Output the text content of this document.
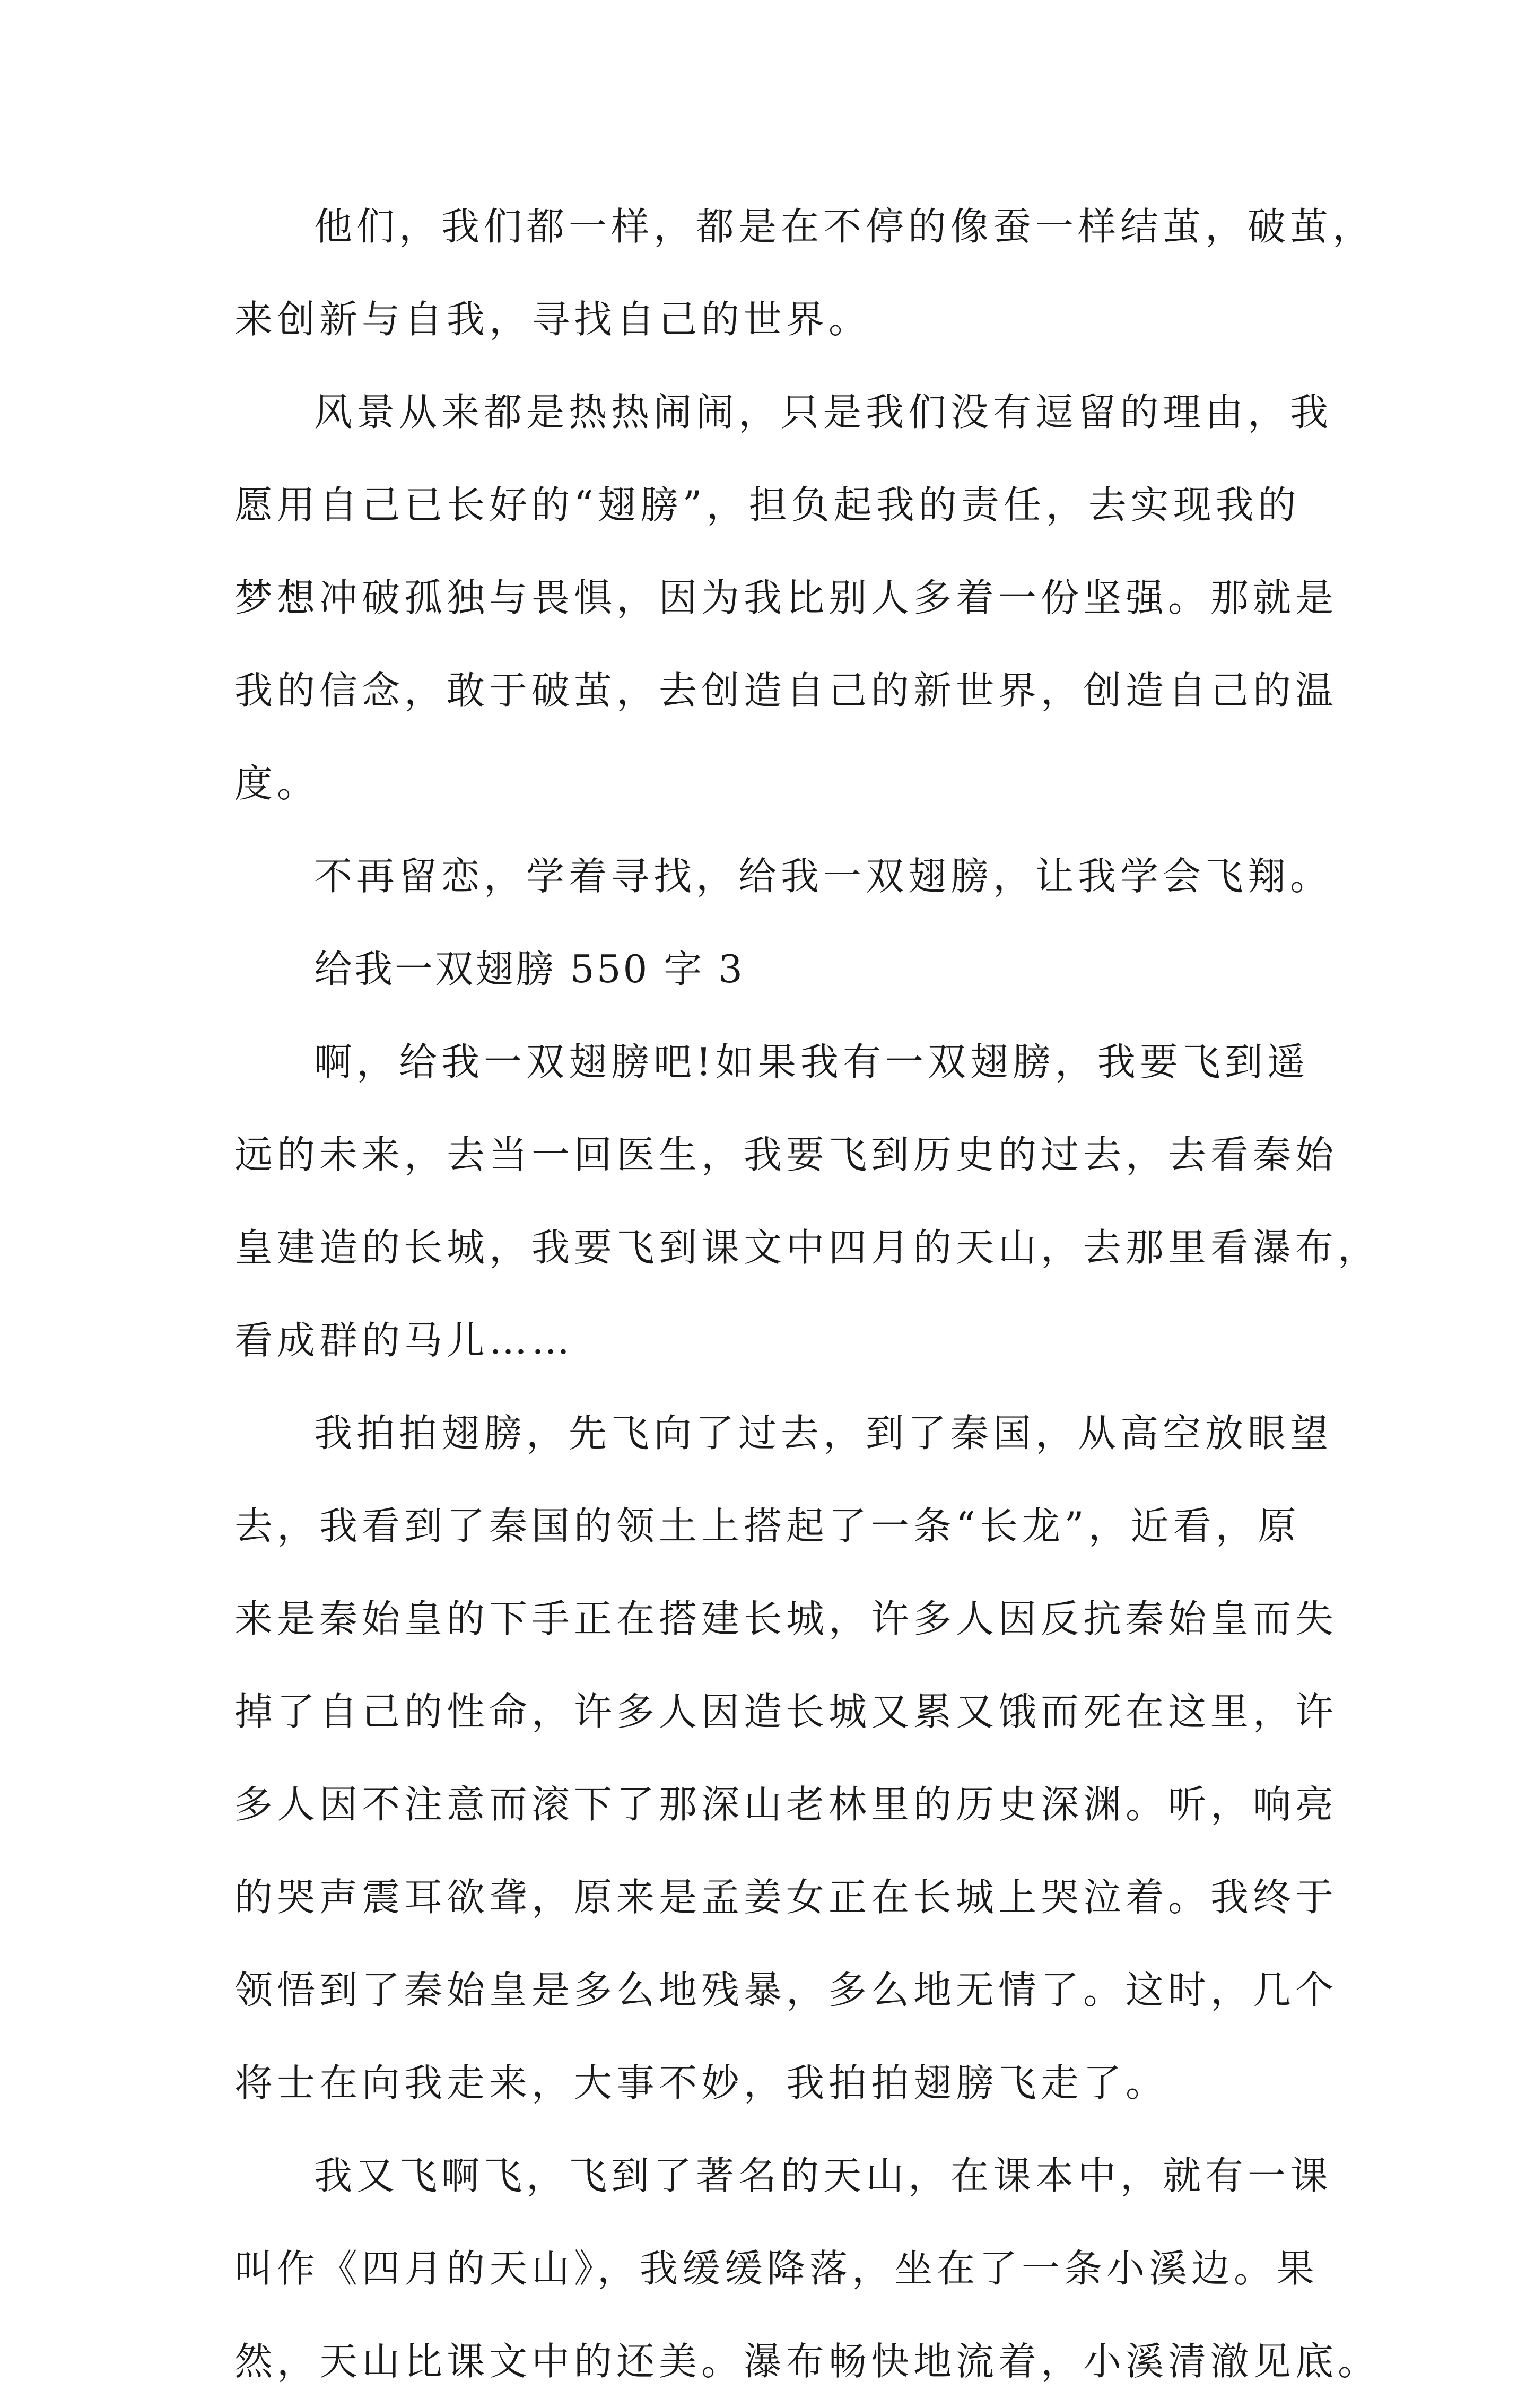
他们，我们都一样，都是在不停的像蚕一样结茧，破茧，
来创新与自我，寻找自己的世界。
风景从来都是热热闹闹，只是我们没有逗留的理由，我
愿用自己已长好的“翅膀”，担负起我的责任，去实现我的
梦想冲破孤独与畏惧，因为我比别人多着一份坚强。那就是
我的信念，敢于破茧，去创造自己的新世界，创造自己的温
度。
不再留恋，学着寻找，给我一双翅膀，让我学会飞翔。
给我一双翅膀 550 字 3
啊，给我一双翅膀吧!如果我有一双翅膀，我要飞到遥
远的未来，去当一回医生，我要飞到历史的过去，去看秦始
皇建造的长城，我要飞到课文中四月的天山，去那里看瀑布，
看成群的马儿……
我拍拍翅膀，先飞向了过去，到了秦国，从高空放眼望
去，我看到了秦国的领土上搭起了一条“长龙”，近看，原
来是秦始皇的下手正在搭建长城，许多人因反抗秦始皇而失
掉了自己的性命，许多人因造长城又累又饿而死在这里，许
多人因不注意而滚下了那深山老林里的历史深渊。听，响亮
的哭声震耳欲聋，原来是孟姜女正在长城上哭泣着。我终于
领悟到了秦始皇是多么地残暴，多么地无情了。这时，几个
将士在向我走来，大事不妙，我拍拍翅膀飞走了。
我又飞啊飞，飞到了著名的天山，在课本中，就有一课
叫作《四月的天山》，我缓缓降落，坐在了一条小溪边。果
然，天山比课文中的还美。瀑布畅快地流着，小溪清澈见底。
